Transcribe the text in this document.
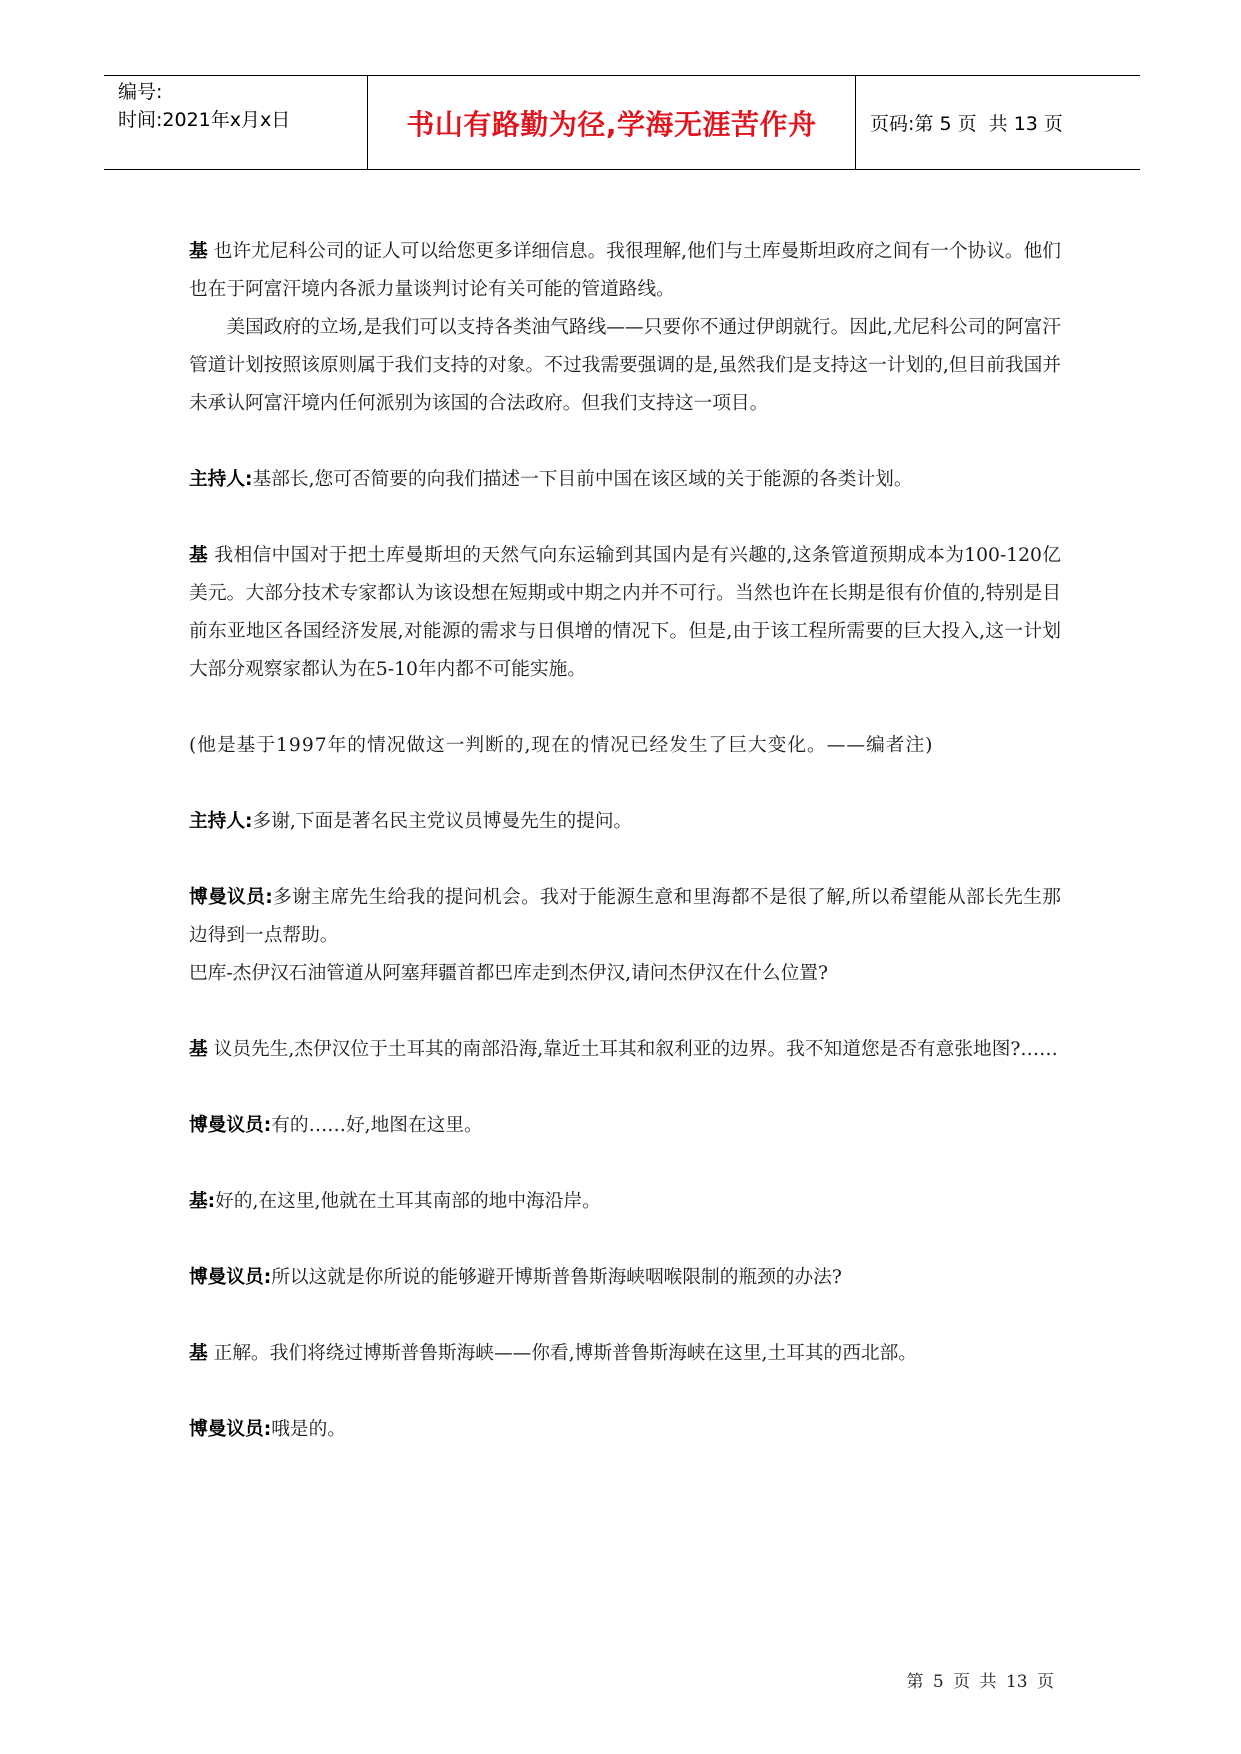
编号:
时间:2021年x月x日	书山有路勤为径,学海无涯苦作舟	页码:第 5 页  共 13 页

基 也许尤尼科公司的证人可以给您更多详细信息。我很理解,他们与土库曼斯坦政府之间有一个协议。他们也在于阿富汗境内各派力量谈判讨论有关可能的管道路线。

美国政府的立场,是我们可以支持各类油气路线——只要你不通过伊朗就行。因此,尤尼科公司的阿富汗管道计划按照该原则属于我们支持的对象。不过我需要强调的是,虽然我们是支持这一计划的,但目前我国并未承认阿富汗境内任何派别为该国的合法政府。但我们支持这一项目。

主持人:基部长,您可否简要的向我们描述一下目前中国在该区域的关于能源的各类计划。

基 我相信中国对于把土库曼斯坦的天然气向东运输到其国内是有兴趣的,这条管道预期成本为100-120亿美元。大部分技术专家都认为该设想在短期或中期之内并不可行。当然也许在长期是很有价值的,特别是目前东亚地区各国经济发展,对能源的需求与日俱增的情况下。但是,由于该工程所需要的巨大投入,这一计划大部分观察家都认为在5-10年内都不可能实施。

(他是基于1997年的情况做这一判断的,现在的情况已经发生了巨大变化。——编者注)

主持人:多谢,下面是著名民主党议员博曼先生的提问。

博曼议员:多谢主席先生给我的提问机会。我对于能源生意和里海都不是很了解,所以希望能从部长先生那边得到一点帮助。

巴库-杰伊汉石油管道从阿塞拜疆首都巴库走到杰伊汉,请问杰伊汉在什么位置?

基 议员先生,杰伊汉位于土耳其的南部沿海,靠近土耳其和叙利亚的边界。我不知道您是否有意张地图?……

博曼议员:有的……好,地图在这里。

基:好的,在这里,他就在土耳其南部的地中海沿岸。

博曼议员:所以这就是你所说的能够避开博斯普鲁斯海峡咽喉限制的瓶颈的办法?

基 正解。我们将绕过博斯普鲁斯海峡——你看,博斯普鲁斯海峡在这里,土耳其的西北部。

博曼议员:哦是的。

第 5 页 共 13 页
